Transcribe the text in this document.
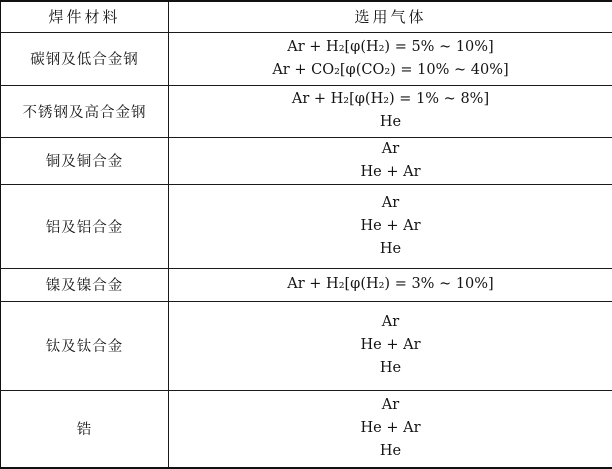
焊件材料	选用气体
碳钢及低合金钢	Ar + H₂[φ(H₂) = 5% ~ 10%]
Ar + CO₂[φ(CO₂) = 10% ~ 40%]

不锈钢及高合金钢	Ar + H₂[φ(H₂) = 1% ~ 8%]
He

铜及铜合金	Ar
He + Ar

铝及铝合金	Ar
He + Ar
He

镍及镍合金	Ar + H₂[φ(H₂) = 3% ~ 10%]

钛及钛合金	Ar
He + Ar
He

锆	Ar
He + Ar
He
